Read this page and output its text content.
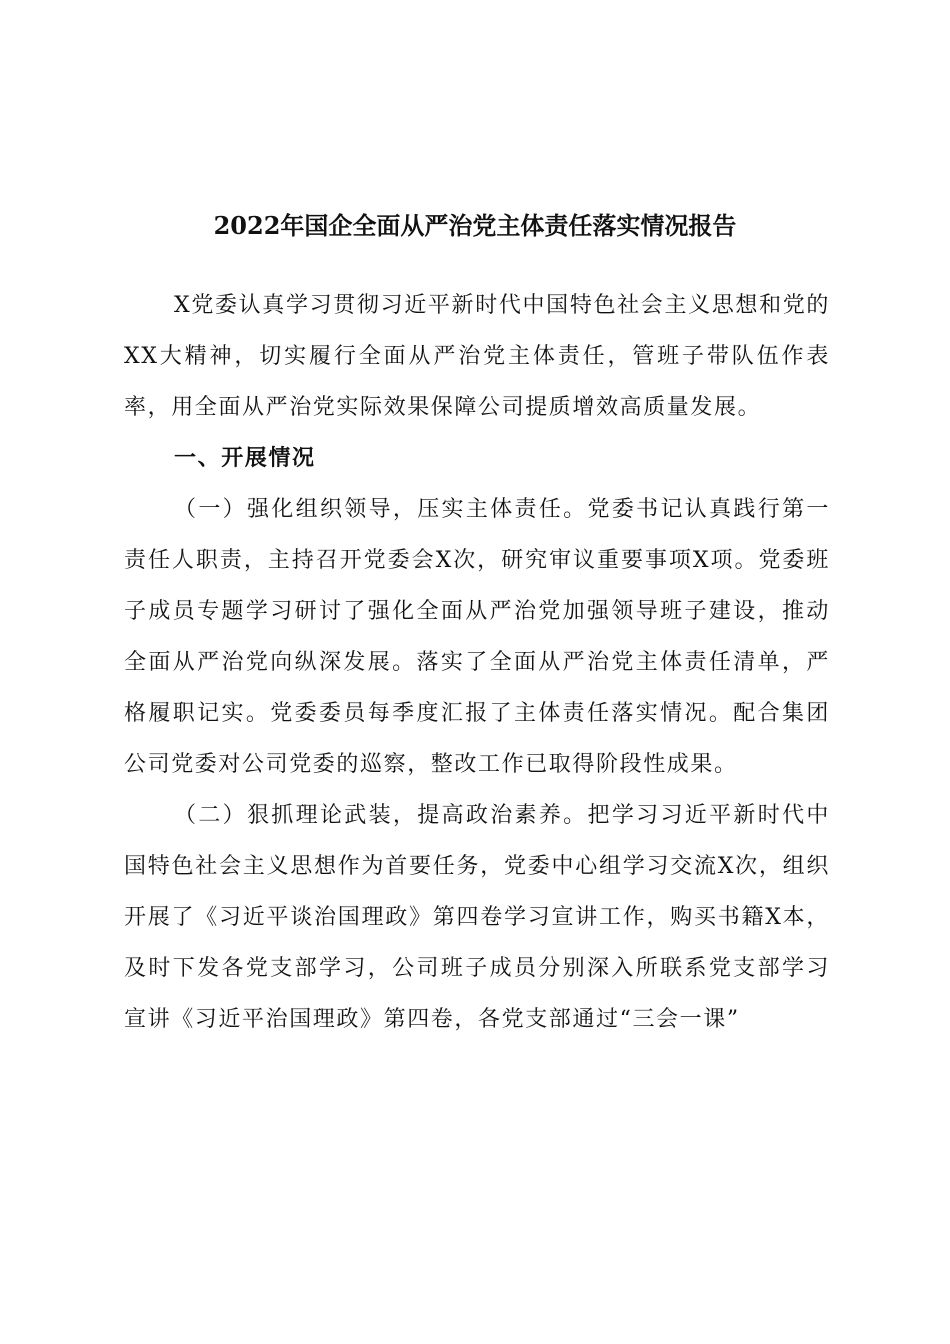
2022年国企全面从严治党主体责任落实情况报告

X党委认真学习贯彻习近平新时代中国特色社会主义思想和党的XX大精神，切实履行全面从严治党主体责任，管班子带队伍作表率，用全面从严治党实际效果保障公司提质增效高质量发展。

一、开展情况

（一）强化组织领导，压实主体责任。党委书记认真践行第一责任人职责，主持召开党委会X次，研究审议重要事项X项。党委班子成员专题学习研讨了强化全面从严治党加强领导班子建设，推动全面从严治党向纵深发展。落实了全面从严治党主体责任清单，严格履职记实。党委委员每季度汇报了主体责任落实情况。配合集团公司党委对公司党委的巡察，整改工作已取得阶段性成果。

（二）狠抓理论武装，提高政治素养。把学习习近平新时代中国特色社会主义思想作为首要任务，党委中心组学习交流X次，组织开展了《习近平谈治国理政》第四卷学习宣讲工作，购买书籍X本，及时下发各党支部学习，公司班子成员分别深入所联系党支部学习宣讲《习近平治国理政》第四卷，各党支部通过“三会一课”
